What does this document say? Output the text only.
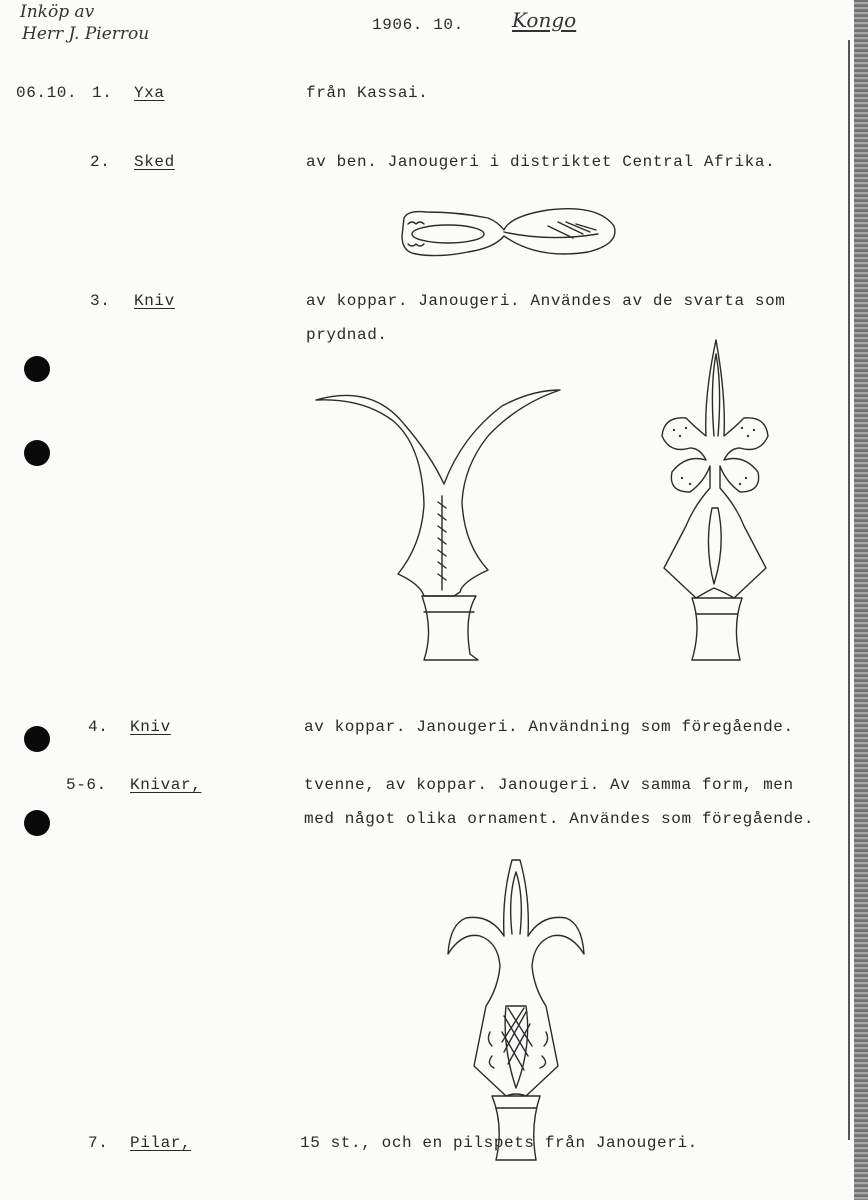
Inköp av
Herr J. Pierrou	1906. 10. Kongo
06.10. 1. Yxa	från Kassai.
2. Sked	av ben. Janougeri i distriktet Central Afrika.
3. Kniv	av koppar. Janougeri. Användes av de svarta som
prydnad.
4. Kniv	av koppar. Janougeri. Användning som föregående.
5-6. Knivar,	tvenne, av koppar. Janougeri. Av samma form, men
med något olika ornament. Användes som föregående.
7. Pilar,	15 st., och en pilspets från Janougeri.
